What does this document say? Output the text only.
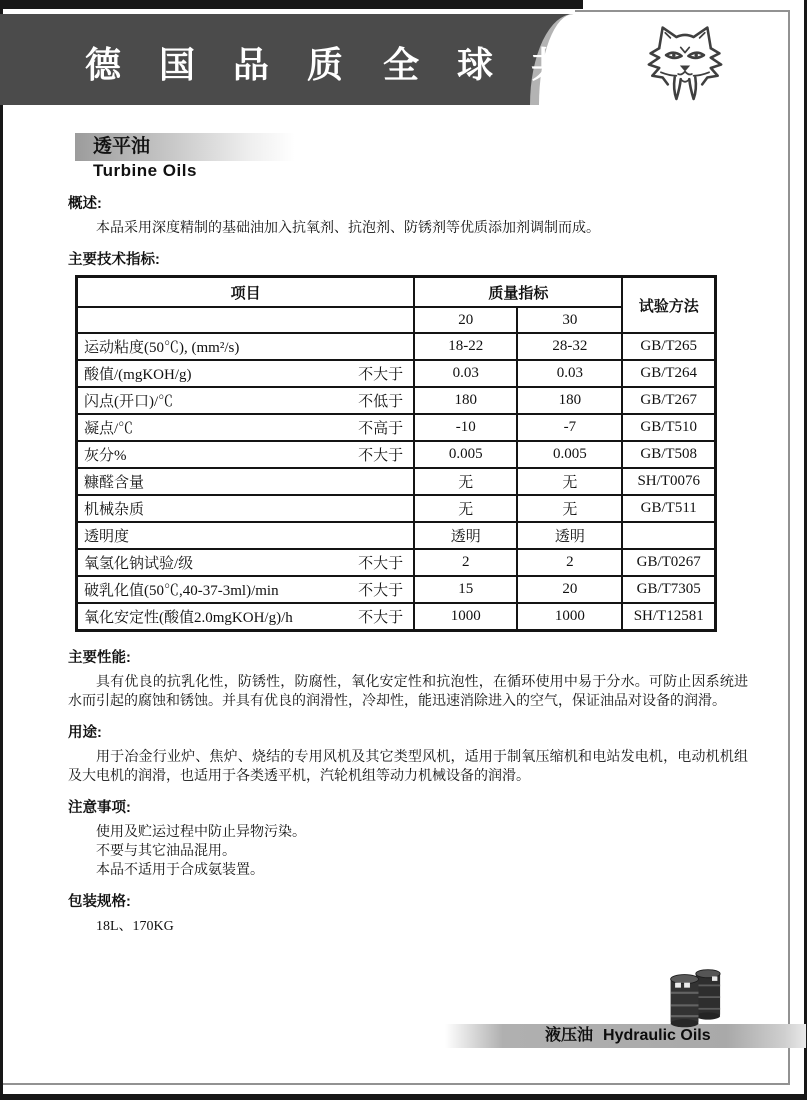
德 国 品 质 全 球 共 享
透平油
Turbine Oils
概述:

本品采用深度精制的基础油加入抗氧剂、抗泡剂、防锈剂等优质添加剂调制而成。

主要技术指标:
项目	质量指标		试验方法
	20	30	

运动粘度(50℃), (mm²/s)	18-22	28-32	GB/T265

酸值/(mgKOH/g) 不大于	0.03	0.03	GB/T264

闪点(开口)/℃ 不低于	180	180	GB/T267

凝点/℃ 不高于	-10	-7	GB/T510

灰分% 不大于	0.005	0.005	GB/T508

糠醛含量	无	无	SH/T0076

机械杂质	无	无	GB/T511

透明度	透明	透明	

氧氢化钠试验/级 不大于	2	2	GB/T0267

破乳化值(50℃,40-37-3ml)/min 不大于	15	20	GB/T7305

氧化安定性(酸值2.0mgKOH/g)/h 不大于	1000	1000	SH/T12581
主要性能:

具有优良的抗乳化性，防锈性，防腐性，氧化安定性和抗泡性，在循环使用中易于分水。可防止因系统进水而引起的腐蚀和锈蚀。并具有优良的润滑性，冷却性，能迅速消除进入的空气，保证油品对设备的润滑。

用途:

用于冶金行业炉、焦炉、烧结的专用风机及其它类型风机，适用于制氧压缩机和电站发电机，电动机机组及大电机的润滑，也适用于各类透平机，汽轮机组等动力机械设备的润滑。

注意事项:

使用及贮运过程中防止异物污染。

不要与其它油品混用。

本品不适用于合成氨装置。

包装规格:

18L、170KG

液压油 Hydraulic Oils
